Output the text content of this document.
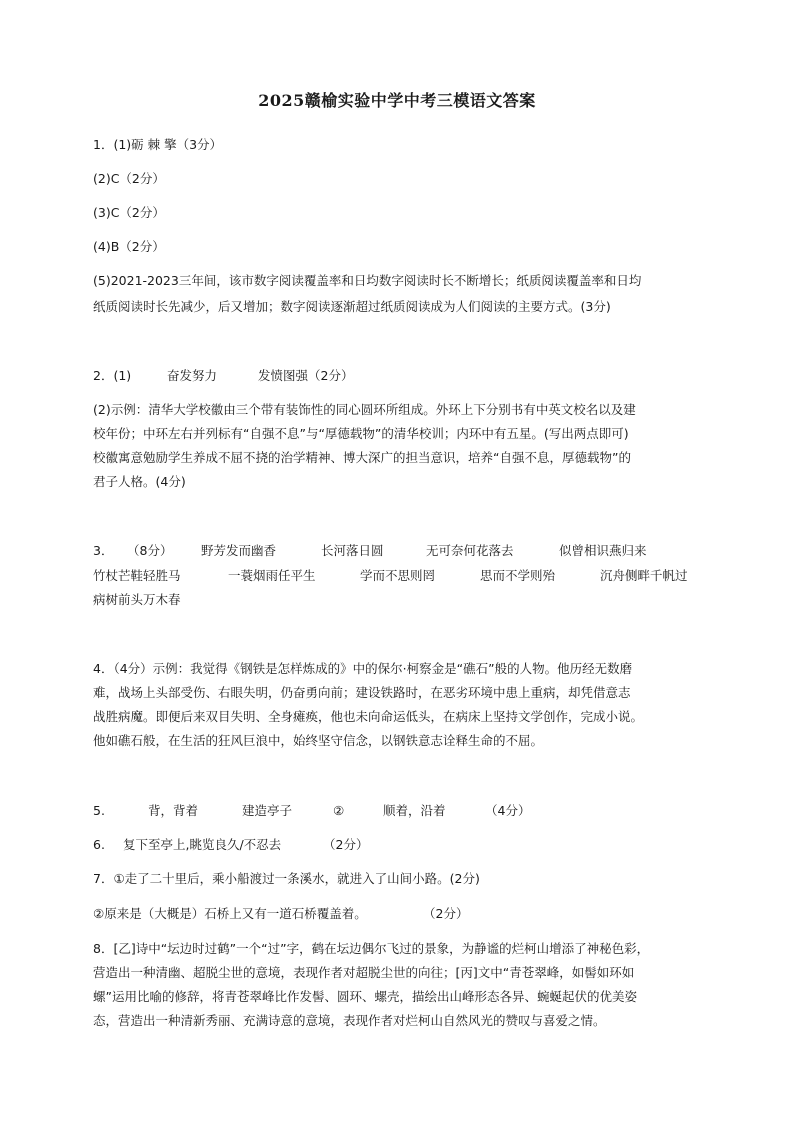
2025赣榆实验中学中考三模语文答案
1．(1)砺 棘 擎（3分）
(2)C（2分）
(3)C（2分）
(4)B（2分）
(5)2021-2023三年间，该市数字阅读覆盖率和日均数字阅读时长不断增长；纸质阅读覆盖率和日均
纸质阅读时长先减少，后又增加；数字阅读逐渐超过纸质阅读成为人们阅读的主要方式。(3分)
2．(1)	奋发努力	发愤图强（2分）
(2)示例：清华大学校徽由三个带有装饰性的同心圆环所组成。外环上下分别书有中英文校名以及建
校年份；中环左右并列标有“自强不息”与“厚德载物”的清华校训；内环中有五星。(写出两点即可)
校徽寓意勉励学生养成不屈不挠的治学精神、博大深广的担当意识，培养“自强不息，厚德载物”的
君子人格。(4分)
3． （8分） 野芳发而幽香	长河落日圆	无可奈何花落去	似曾相识燕归来
竹杖芒鞋轻胜马	一蓑烟雨任平生	学而不思则罔	思而不学则殆	沉舟侧畔千帆过
病树前头万木春
4．（4分）示例：我觉得《钢铁是怎样炼成的》中的保尔·柯察金是“礁石”般的人物。他历经无数磨
难，战场上头部受伤、右眼失明，仍奋勇向前；建设铁路时，在恶劣环境中患上重病，却凭借意志
战胜病魔。即便后来双目失明、全身瘫痪，他也未向命运低头，在病床上坚持文学创作，完成小说。
他如礁石般，在生活的狂风巨浪中，始终坚守信念，以钢铁意志诠释生命的不屈。
5.	背，背着	建造亭子	②	顺着，沿着	（4分）
6. 复下至亭上,眺览良久/不忍去	（2分）
7．①走了二十里后，乘小船渡过一条溪水，就进入了山间小路。(2分)
②原来是（大概是）石桥上又有一道石桥覆盖着。	（2分）
8．[乙]诗中“坛边时过鹤”一个“过”字，鹤在坛边偶尔飞过的景象，为静谧的烂柯山增添了神秘色彩，
营造出一种清幽、超脱尘世的意境，表现作者对超脱尘世的向往；[丙]文中“青苍翠峰，如髻如环如
螺”运用比喻的修辞，将青苍翠峰比作发髻、圆环、螺壳，描绘出山峰形态各异、蜿蜒起伏的优美姿
态，营造出一种清新秀丽、充满诗意的意境，表现作者对烂柯山自然风光的赞叹与喜爱之情。
